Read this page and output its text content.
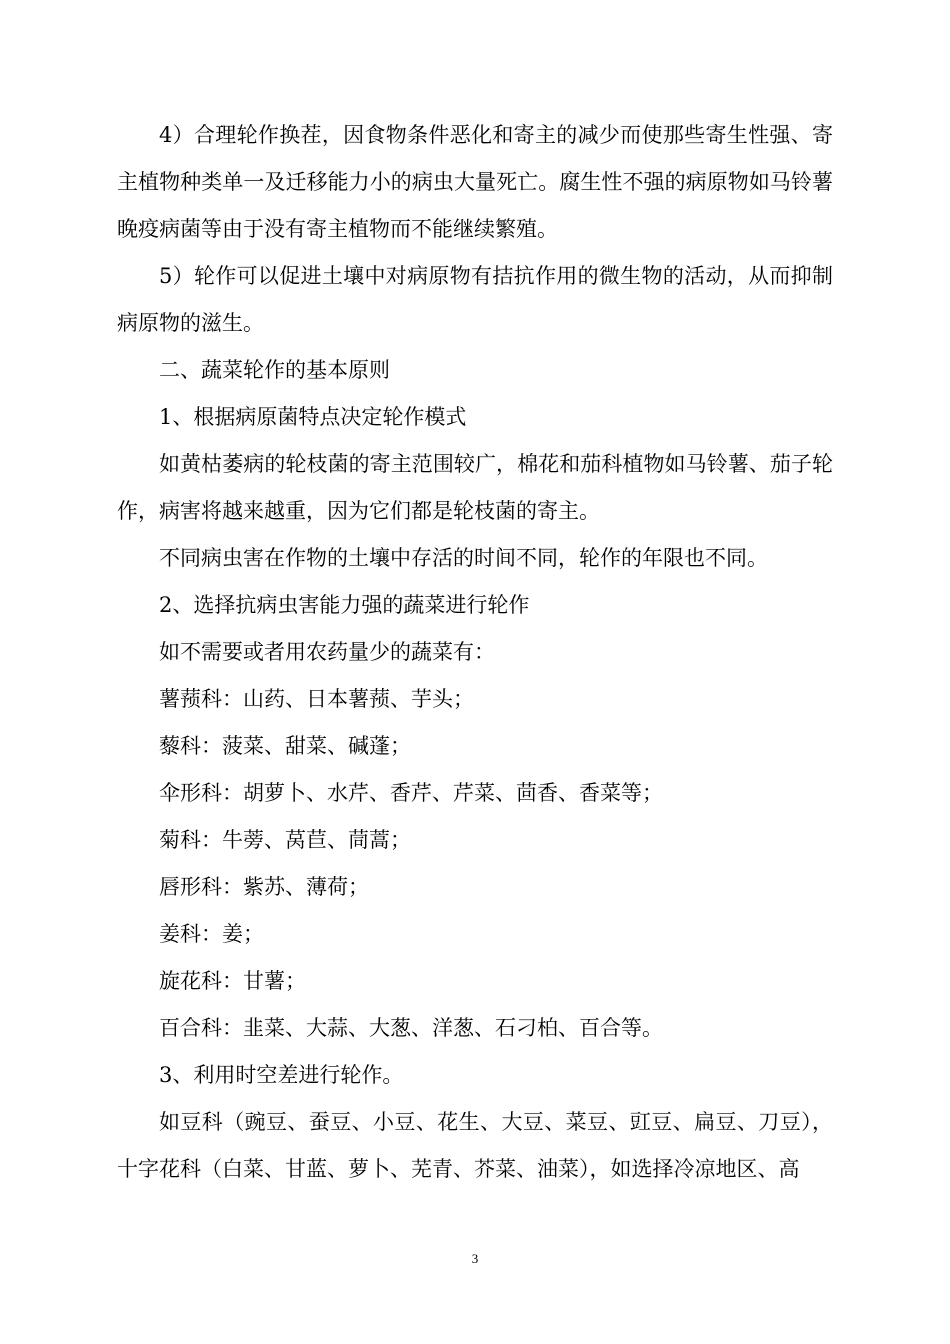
4）合理轮作换茬，因食物条件恶化和寄主的减少而使那些寄生性强、寄主植物种类单一及迁移能力小的病虫大量死亡。腐生性不强的病原物如马铃薯晚疫病菌等由于没有寄主植物而不能继续繁殖。

5）轮作可以促进土壤中对病原物有拮抗作用的微生物的活动，从而抑制病原物的滋生。

二、蔬菜轮作的基本原则

1、根据病原菌特点决定轮作模式

如黄枯萎病的轮枝菌的寄主范围较广，棉花和茄科植物如马铃薯、茄子轮作，病害将越来越重，因为它们都是轮枝菌的寄主。

不同病虫害在作物的土壤中存活的时间不同，轮作的年限也不同。

2、选择抗病虫害能力强的蔬菜进行轮作

如不需要或者用农药量少的蔬菜有：

薯蓣科：山药、日本薯蓣、芋头；

藜科：菠菜、甜菜、碱蓬；

伞形科：胡萝卜、水芹、香芹、芹菜、茴香、香菜等；

菊科：牛蒡、莴苣、茼蒿；

唇形科：紫苏、薄荷；

姜科：姜；

旋花科：甘薯；

百合科：韭菜、大蒜、大葱、洋葱、石刁柏、百合等。

3、利用时空差进行轮作。

如豆科（豌豆、蚕豆、小豆、花生、大豆、菜豆、豇豆、扁豆、刀豆），十字花科（白菜、甘蓝、萝卜、芜青、芥菜、油菜），如选择冷凉地区、高

3
